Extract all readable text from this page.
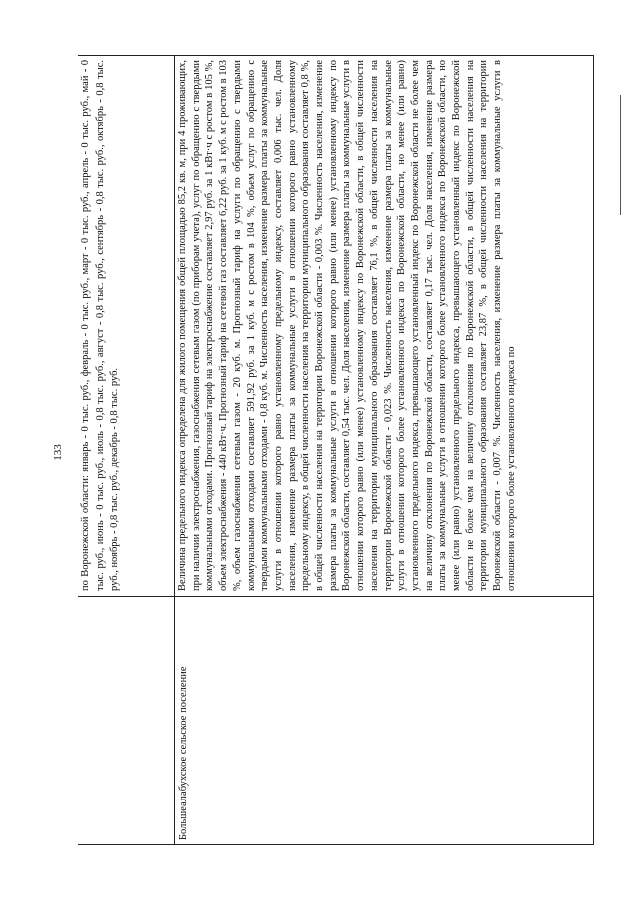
133 по Воронежской области: январь - 0 тыс. руб., февраль - 0 тыс. руб., март - 0 тыс. руб., апрель - 0 тыс. руб., май - 0 тыс. руб., июнь - 0 тыс. руб., июль - 0,8 тыс. руб., август - 0,8 тыс. руб., сентябрь - 0,8 тыс. руб., октябрь - 0,8 тыс. руб., ноябрь - 0,8 тыс. руб., декабрь - 0,8 тыс. руб.
Большеалабухское сельское поселение
Величина предельного индекса определена для жилого помещения общей площадью 85,2 кв. м, при 4 проживающих, при наличии электроснабжения, газоснабжения сетевым газом (по приборам учета), услуг по обращению с твердыми коммунальными отходами. Прогнозный тариф на электроснабжение составляет 2,97 руб. за 1 кВт·ч с ростом в 105 %, объем электроснабжения - 440 кВт·ч. Прогнозный тариф на сетевой газ составляет 6,22 руб. за 1 куб. м с ростом в 103 %, объем газоснабжения сетевым газом - 20 куб. м. Прогнозный тариф на услуги по обращению с твердыми коммунальными отходами составляет 591,92 руб. за 1 куб. м с ростом в 104 %, объем услуг по обращению с твердыми коммунальными отходами - 0,8 куб. м. Численность населения, изменение размера платы за коммунальные услуги в отношении которого равно установленному предельному индексу, составляет 0,006 тыс. чел. Доля населения, изменение размера платы за коммунальные услуги в отношении которого равно установленному предельному индексу, в общей численности населения на территории муниципального образования составляет 0,8 %, в общей численности населения на территории Воронежской области - 0,003 %. Численность населения, изменение размера платы за коммунальные услуги в отношении которого равно (или менее) установленному индексу по Воронежской области, составляет 0,54 тыс. чел. Доля населения, изменение размера платы за коммунальные услуги в отношении которого равно (или менее) установленному индексу по Воронежской области, в общей численности населения на территории муниципального образования составляет 76,1 %, в общей численности населения на территории Воронежской области - 0,023 %. Численность населения, изменение размера платы за коммунальные услуги в отношении которого более установленного индекса по Воронежской области, но менее (или равно) установленного предельного индекса, превышающего установленный индекс по Воронежской области не более чем на величину отклонения по Воронежской области, составляет 0,17 тыс. чел. Доля населения, изменение размера платы за коммунальные услуги в отношении которого более установленного индекса по Воронежской области, но менее (или равно) установленного предельного индекса, превышающего установленный индекс по Воронежской области не более чем на величину отклонения по Воронежской области, в общей численности населения на территории муниципального образования составляет 23,87 %, в общей численности населения на территории Воронежской области - 0,007 %. Численность населения, изменение размера платы за коммунальные услуги в отношении которого более установленного индекса по
